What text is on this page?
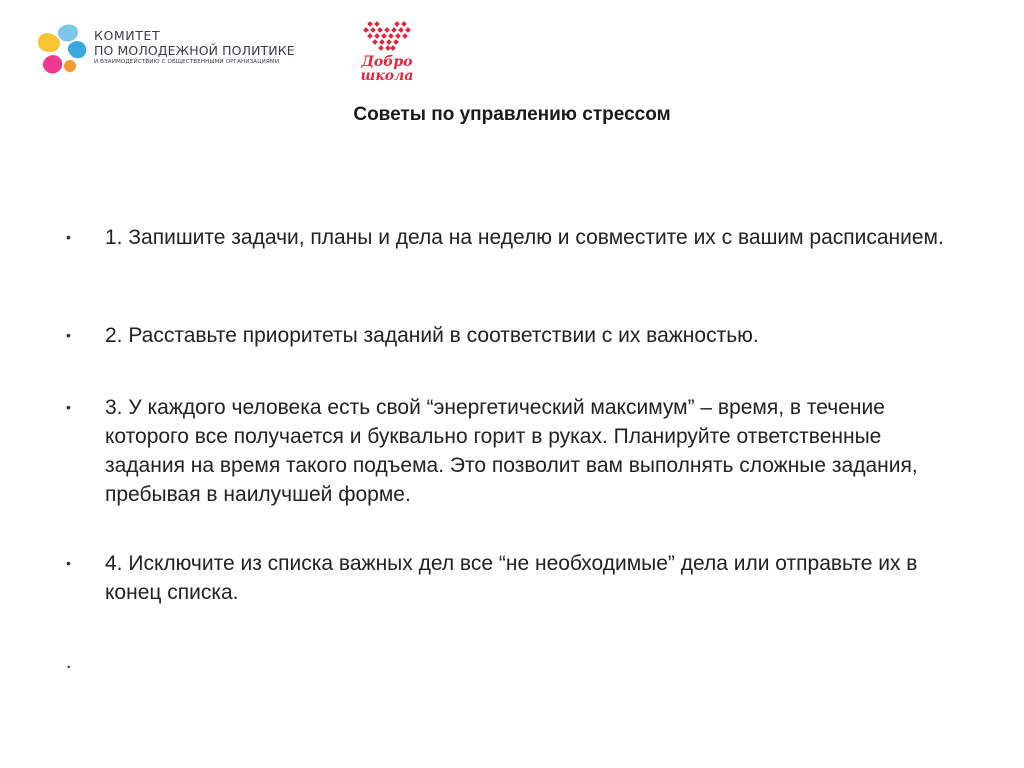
КОМИТЕТ
ПО МОЛОДЕЖНОЙ ПОЛИТИКЕ
И ВЗАИМОДЕЙСТВИЮ С ОБЩЕСТВЕННЫМИ ОРГАНИЗАЦИЯМИ	Добро
школа
Советы по управлению стрессом
• 1. Запишите задачи, планы и дела на неделю и совместите их с вашим расписанием.
• 2. Расставьте приоритеты заданий в соответствии с их важностью.
• 3. У каждого человека есть свой “энергетический максимум” – время, в течение которого все получается и буквально горит в руках. Планируйте ответственные задания на время такого подъема. Это позволит вам выполнять сложные задания, пребывая в наилучшей форме.
• 4. Исключите из списка важных дел все “не необходимые” дела или отправьте их в конец списка.
.
